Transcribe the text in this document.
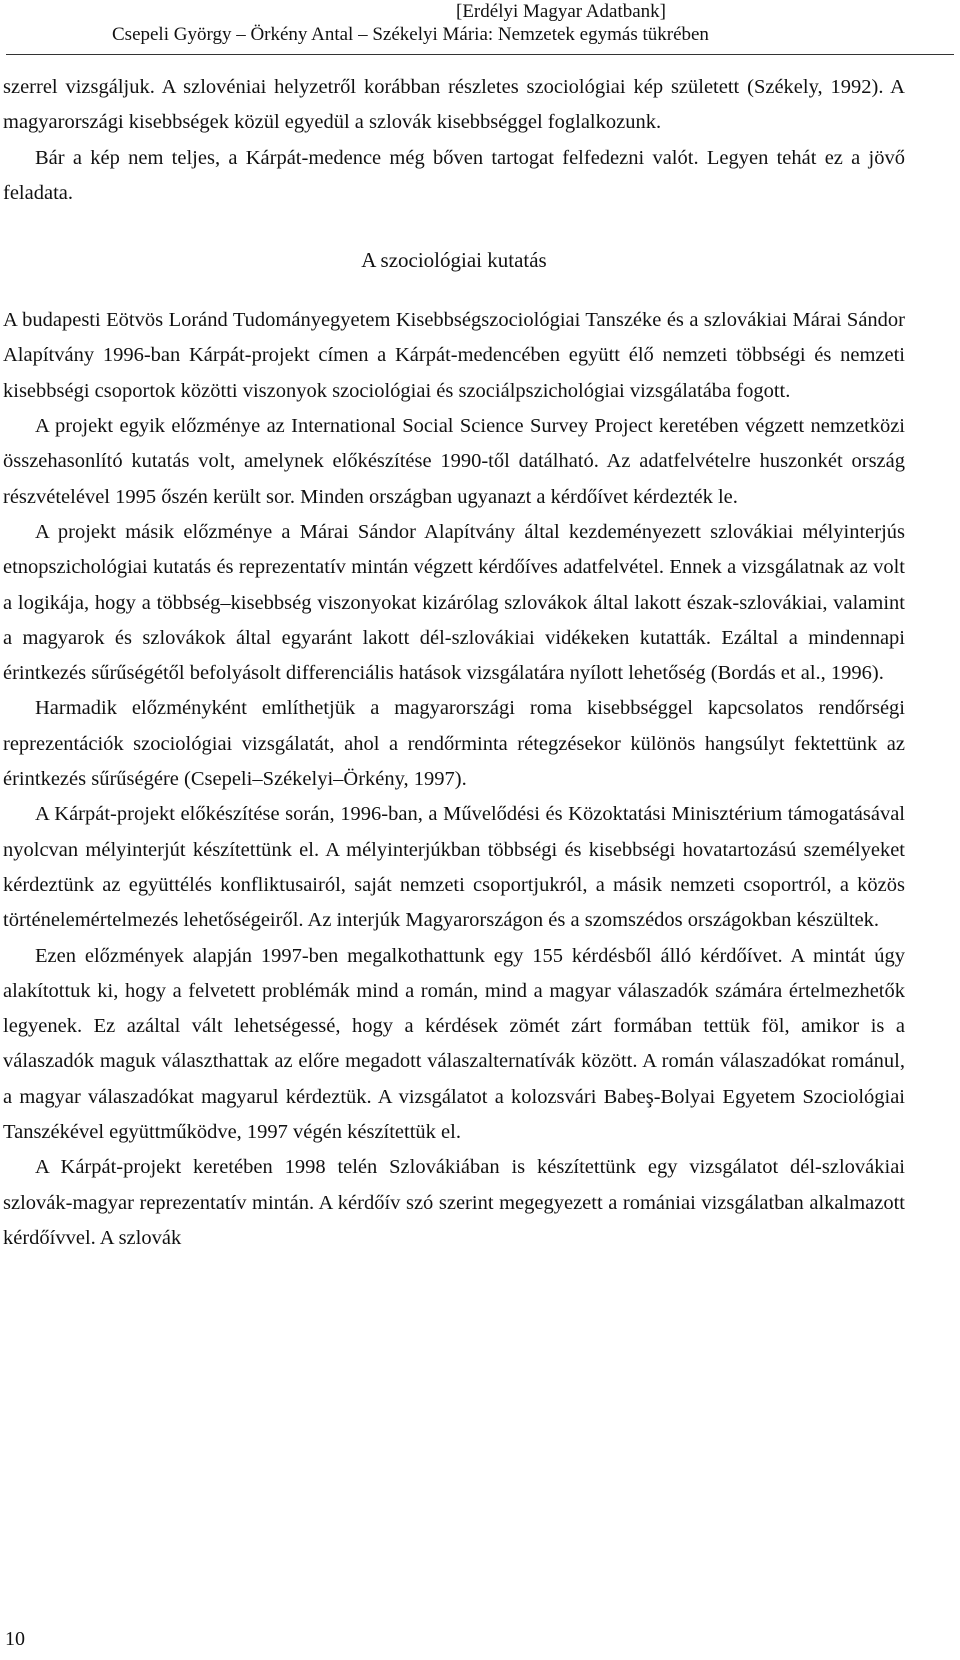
[Erdélyi Magyar Adatbank]
Csepeli György – Örkény Antal – Székelyi Mária: Nemzetek egymás tükrében

szerrel vizsgáljuk. A szlovéniai helyzetről korábban részletes szociológiai kép született (Székely, 1992). A magyarországi kisebbségek közül egyedül a szlovák kisebbséggel foglalkozunk.

Bár a kép nem teljes, a Kárpát-medence még bőven tartogat felfedezni valót. Legyen tehát ez a jövő feladata.

A szociológiai kutatás

A budapesti Eötvös Loránd Tudományegyetem Kisebbségszociológiai Tanszéke és a szlovákiai Márai Sándor Alapítvány 1996-ban Kárpát-projekt címen a Kárpát-medencében együtt élő nemzeti többségi és nemzeti kisebbségi csoportok közötti viszonyok szociológiai és szociálpszichológiai vizsgálatába fogott.

A projekt egyik előzménye az International Social Science Survey Project keretében végzett nemzetközi összehasonlító kutatás volt, amelynek előkészítése 1990-től datálható. Az adatfelvételre huszonkét ország részvételével 1995 őszén került sor. Minden országban ugyanazt a kérdőívet kérdezték le.

A projekt másik előzménye a Márai Sándor Alapítvány által kezdeményezett szlovákiai mélyinterjús etnopszichológiai kutatás és reprezentatív mintán végzett kérdőíves adatfelvétel. Ennek a vizsgálatnak az volt a logikája, hogy a többség–kisebbség viszonyokat kizárólag szlovákok által lakott észak-szlovákiai, valamint a magyarok és szlovákok által egyaránt lakott dél-szlovákiai vidékeken kutatták. Ezáltal a mindennapi érintkezés sűrűségétől befolyásolt differenciális hatások vizsgálatára nyílott lehetőség (Bordás et al., 1996).

Harmadik előzményként említhetjük a magyarországi roma kisebbséggel kapcsolatos rendőrségi reprezentációk szociológiai vizsgálatát, ahol a rendőrminta rétegzésekor különös hangsúlyt fektettünk az érintkezés sűrűségére (Csepeli–Székelyi–Örkény, 1997).

A Kárpát-projekt előkészítése során, 1996-ban, a Művelődési és Közoktatási Minisztérium támogatásával nyolcvan mélyinterjút készítettünk el. A mélyinterjúkban többségi és kisebbségi hovatartozású személyeket kérdeztünk az együttélés konfliktusairól, saját nemzeti csoportjukról, a másik nemzeti csoportról, a közös történelemértelmezés lehetőségeiről. Az interjúk Magyarországon és a szomszédos országokban készültek.

Ezen előzmények alapján 1997-ben megalkothattunk egy 155 kérdésből álló kérdőívet. A mintát úgy alakítottuk ki, hogy a felvetett problémák mind a román, mind a magyar válaszadók számára értelmezhetők legyenek. Ez azáltal vált lehetségessé, hogy a kérdések zömét zárt formában tettük föl, amikor is a válaszadók maguk választhattak az előre megadott válaszalternatívák között. A román válaszadókat románul, a magyar válaszadókat magyarul kérdeztük. A vizsgálatot a kolozsvári Babeş-Bolyai Egyetem Szociológiai Tanszékével együttműködve, 1997 végén készítettük el.

A Kárpát-projekt keretében 1998 telén Szlovákiában is készítettünk egy vizsgálatot dél-szlovákiai szlovák-magyar reprezentatív mintán. A kérdőív szó szerint megegyezett a romániai vizsgálatban alkalmazott kérdőívvel. A szlovák

10
